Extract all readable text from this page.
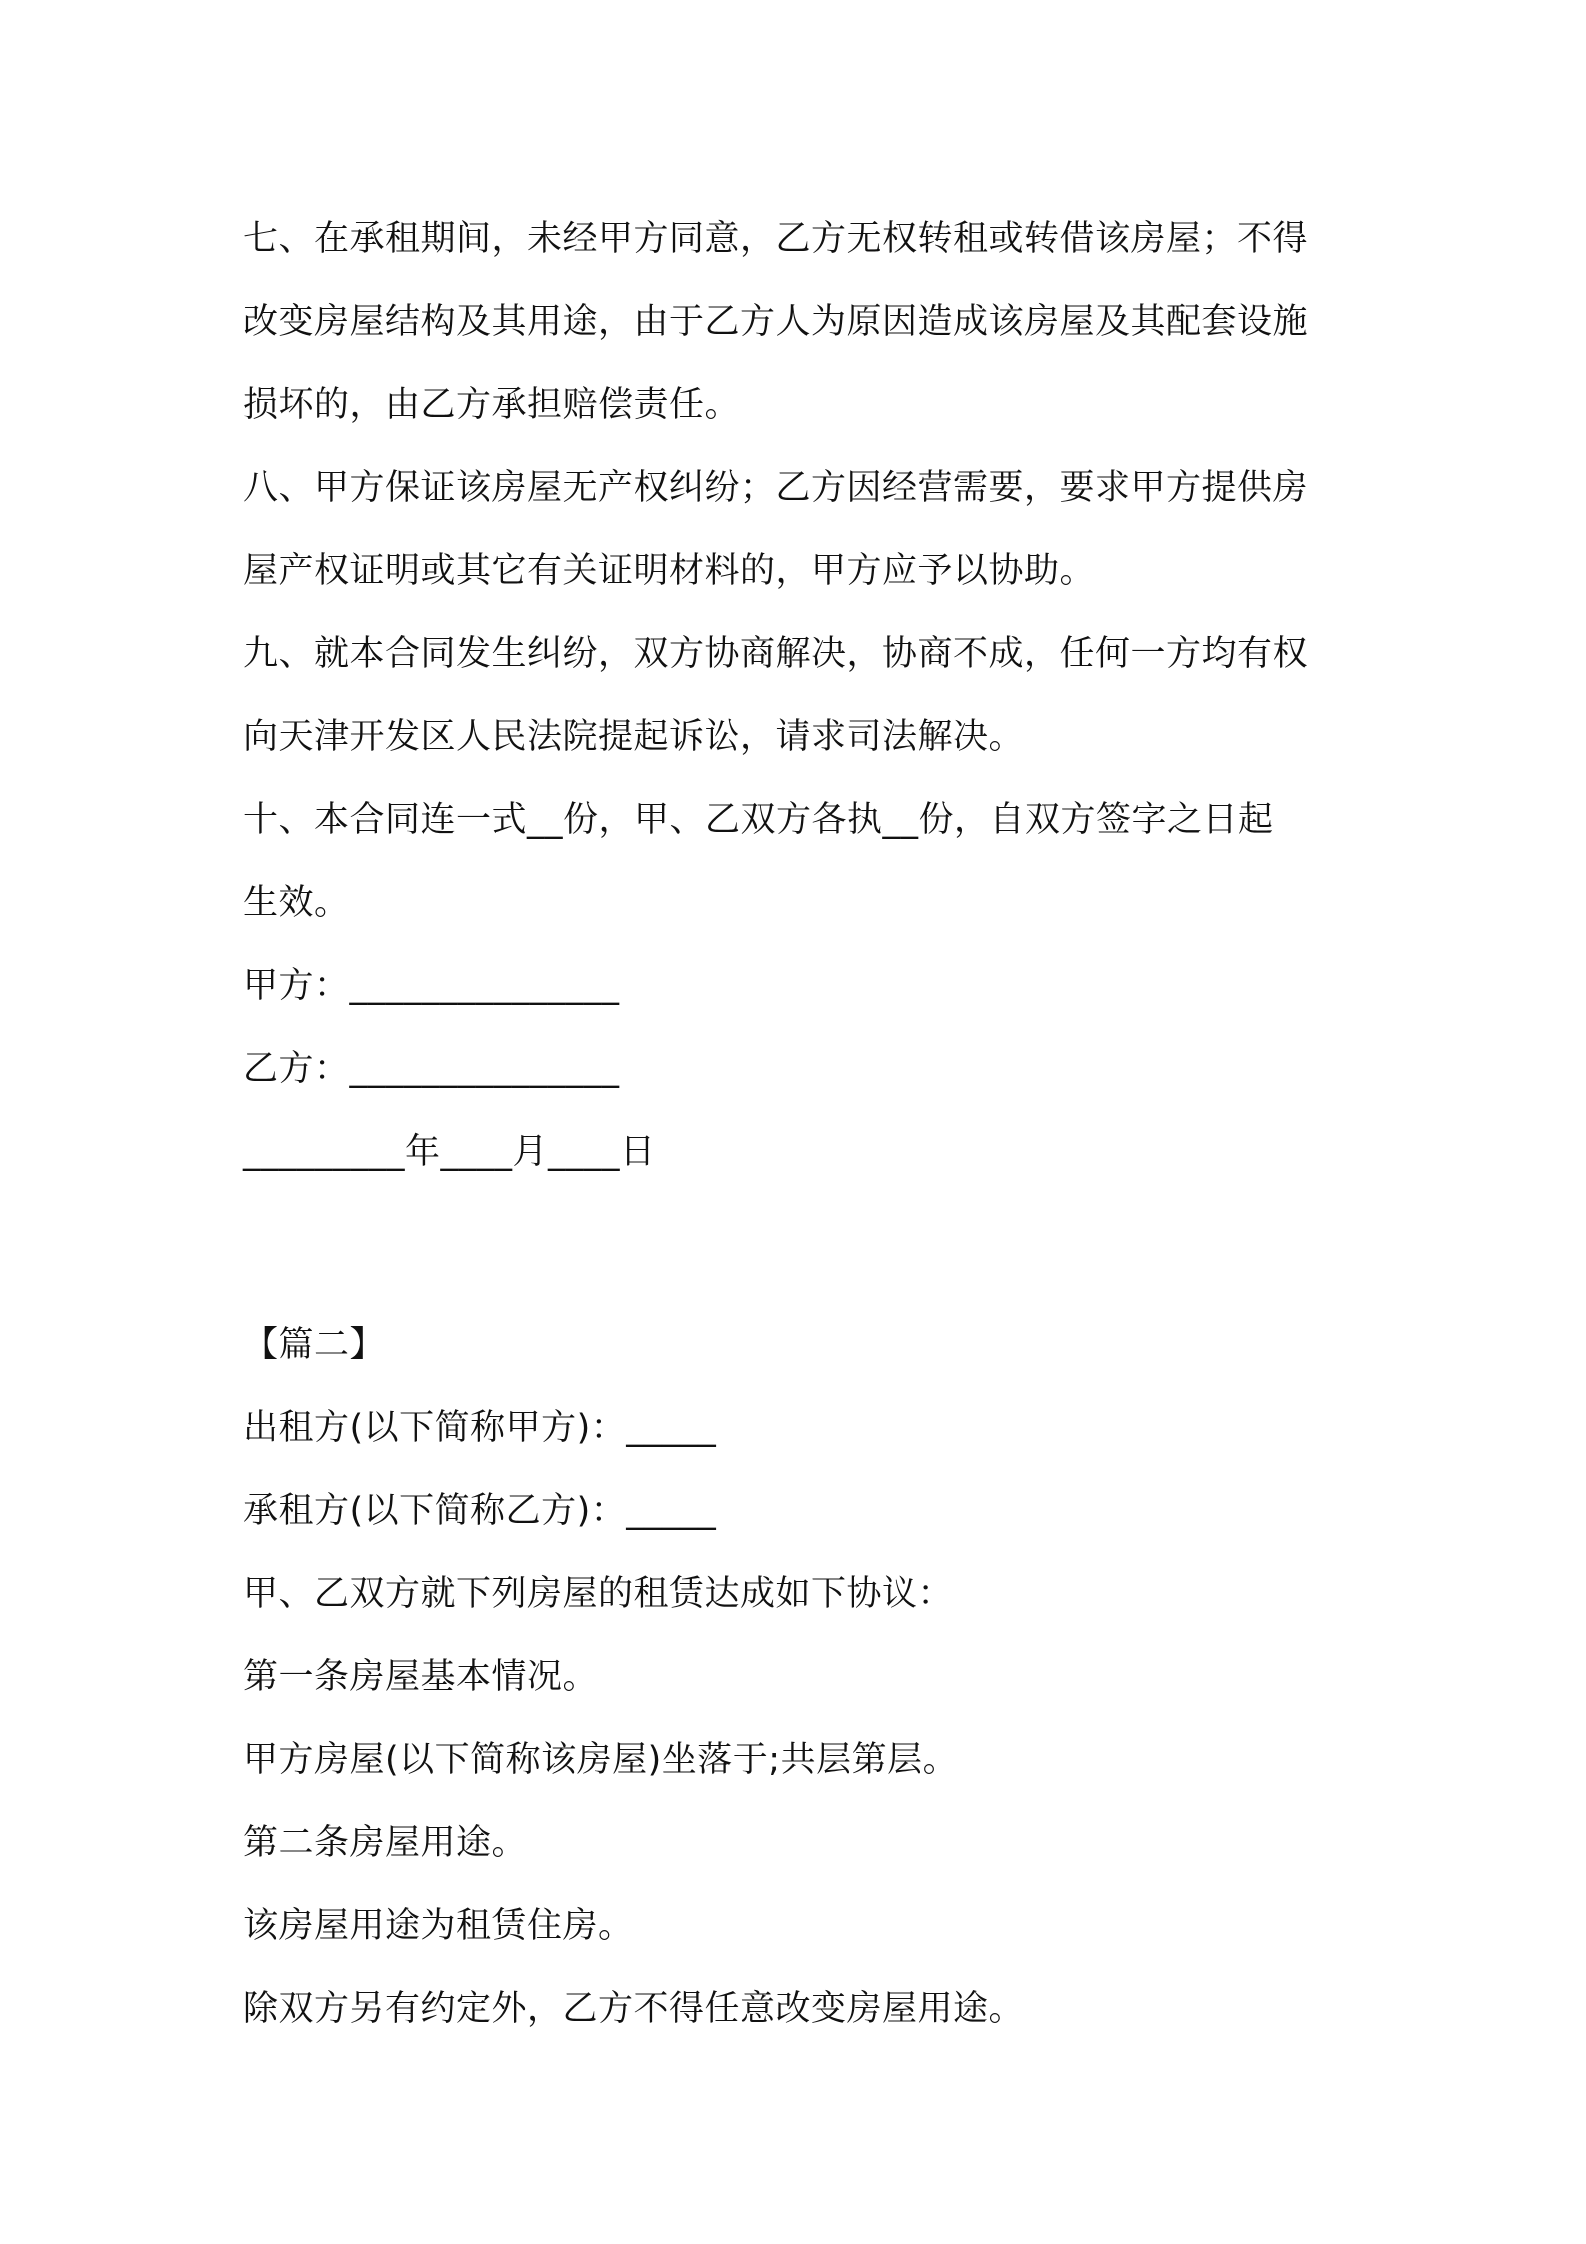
七、在承租期间，未经甲方同意，乙方无权转租或转借该房屋；不得

改变房屋结构及其用途，由于乙方人为原因造成该房屋及其配套设施

损坏的，由乙方承担赔偿责任。

八、甲方保证该房屋无产权纠纷；乙方因经营需要，要求甲方提供房

屋产权证明或其它有关证明材料的，甲方应予以协助。

九、就本合同发生纠纷，双方协商解决，协商不成，任何一方均有权

向天津开发区人民法院提起诉讼，请求司法解决。

十、本合同连一式__份，甲、乙双方各执__份，自双方签字之日起

生效。

甲方：_______________

乙方：_______________

_________年____月____日

【篇二】

出租方(以下简称甲方)：_____

承租方(以下简称乙方)：_____

甲、乙双方就下列房屋的租赁达成如下协议：

第一条房屋基本情况。

甲方房屋(以下简称该房屋)坐落于;共层第层。

第二条房屋用途。

该房屋用途为租赁住房。

除双方另有约定外，乙方不得任意改变房屋用途。
